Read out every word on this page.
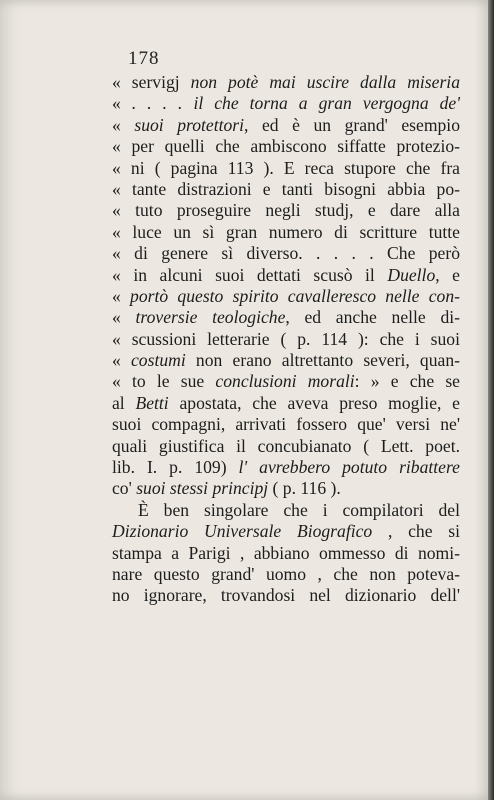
178
« servigj non potè mai uscire dalla miseria
« . . . . il che torna a gran vergogna de'
« suoi protettori, ed è un grand' esempio
« per quelli che ambiscono siffatte protezio-
« ni ( pagina 113 ). E reca stupore che fra
« tante distrazioni e tanti bisogni abbia po-
« tuto proseguire negli studj, e dare alla
« luce un sì gran numero di scritture tutte
« di genere sì diverso. . . . . Che però
« in alcuni suoi dettati scusò il Duello, e
« portò questo spirito cavalleresco nelle con-
« troversie teologiche, ed anche nelle di-
« scussioni letterarie ( p. 114 ): che i suoi
« costumi non erano altrettanto severi, quan-
« to le sue conclusioni morali: » e che se
al Betti apostata, che aveva preso moglie, e
suoi compagni, arrivati fossero que' versi ne'
quali giustifica il concubianato ( Lett. poet.
lib. I. p. 109) l' avrebbero potuto ribattere
co' suoi stessi principj ( p. 116 ).
È ben singolare che i compilatori del
Dizionario Universale Biografico , che si
stampa a Parigi , abbiano ommesso di nomi-
nare questo grand' uomo , che non poteva-
no ignorare, trovandosi nel dizionario dell'
